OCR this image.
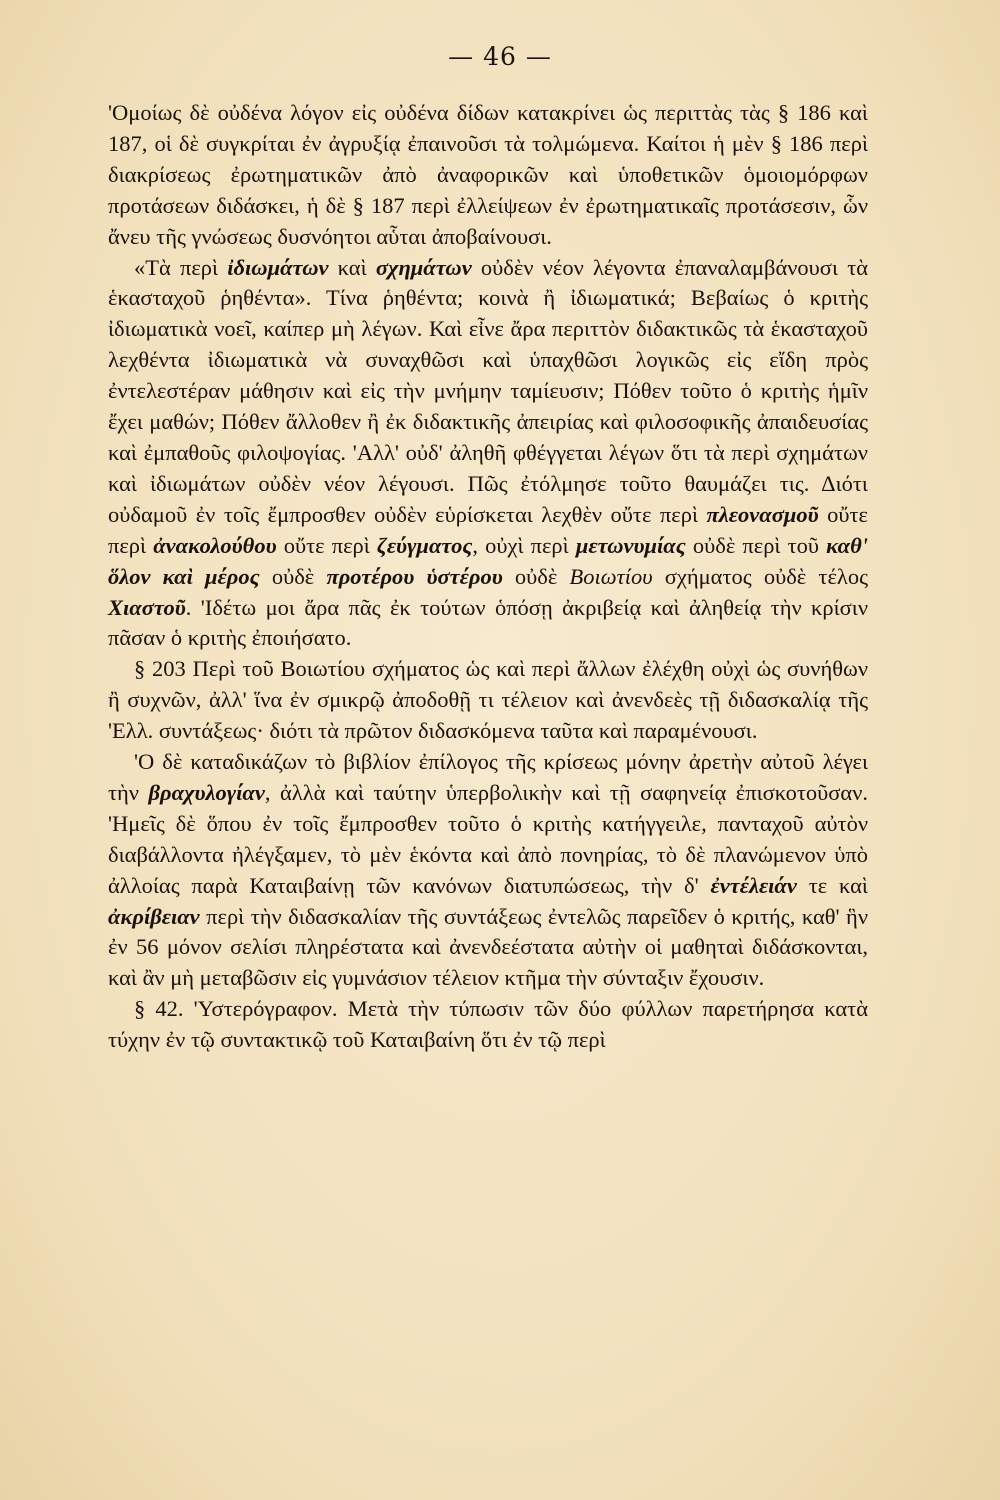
— 46 —

'Ομοίως δὲ οὐδένα λόγον εἰς οὐδένα δίδων κατακρίνει ὡς περιττὰς τὰς § 186 καὶ 187, οἱ δὲ συγκρίται ἐν ἀγρυξίᾳ ἐπαινοῦσι τὰ τολμώμενα. Καίτοι ἡ μὲν § 186 περὶ διακρίσεως ἐρωτηματικῶν ἀπὸ ἀναφορικῶν καὶ ὑποθετικῶν ὁμοιομόρφων προτάσεων διδάσκει, ἡ δὲ § 187 περὶ ἐλλείψεων ἐν ἐρωτηματικαῖς προτάσεσιν, ὧν ἄνευ τῆς γνώσεως δυσνόητοι αὗται ἀποβαίνουσι.

«Τὰ περὶ ἰδιωμάτων καὶ σχημάτων οὐδὲν νέον λέγοντα ἐπαναλαμβάνουσι τὰ ἑκασταχοῦ ῥηθέντα». Τίνα ῥηθέντα; κοινὰ ἢ ἰδιωματικά; Βεβαίως ὁ κριτὴς ἰδιωματικὰ νοεῖ, καίπερ μὴ λέγων. Καὶ εἶνε ἄρα περιττὸν διδακτικῶς τὰ ἑκασταχοῦ λεχθέντα ἰδιωματικὰ νὰ συναχθῶσι καὶ ὑπαχθῶσι λογικῶς εἰς εἴδη πρὸς ἐντελεστέραν μάθησιν καὶ εἰς τὴν μνήμην ταμίευσιν; Πόθεν τοῦτο ὁ κριτὴς ἡμῖν ἔχει μαθών; Πόθεν ἄλλοθεν ἢ ἐκ διδακτικῆς ἀπειρίας καὶ φιλοσοφικῆς ἀπαιδευσίας καὶ ἐμπαθοῦς φιλοψογίας. 'Αλλ' οὐδ' ἀληθῆ φθέγγεται λέγων ὅτι τὰ περὶ σχημάτων καὶ ἰδιωμάτων οὐδὲν νέον λέγουσι. Πῶς ἐτόλμησε τοῦτο θαυμάζει τις. Διότι οὐδαμοῦ ἐν τοῖς ἔμπροσθεν οὐδὲν εὑρίσκεται λεχθὲν οὔτε περὶ πλεονασμοῦ οὔτε περὶ ἀνακολούθου οὔτε περὶ ζεύγματος, οὐχὶ περὶ μετωνυμίας οὐδὲ περὶ τοῦ καθ' ὅλον καὶ μέρος οὐδὲ προτέρου ὑστέρου οὐδὲ Βοιωτίου σχήματος οὐδὲ τέλος Χιαστοῦ. 'Ιδέτω μοι ἄρα πᾶς ἐκ τούτων ὁπόσῃ ἀκριβείᾳ καὶ ἀληθείᾳ τὴν κρίσιν πᾶσαν ὁ κριτὴς ἐποιήσατο.

§ 203 Περὶ τοῦ Βοιωτίου σχήματος ὡς καὶ περὶ ἄλλων ἐλέχθη οὐχὶ ὡς συνήθων ἢ συχνῶν, ἀλλ' ἵνα ἐν σμικρῷ ἀποδοθῇ τι τέλειον καὶ ἀνενδεὲς τῇ διδασκαλίᾳ τῆς 'Ελλ. συντάξεως· διότι τὰ πρῶτον διδασκόμενα ταῦτα καὶ παραμένουσι.

'Ο δὲ καταδικάζων τὸ βιβλίον ἐπίλογος τῆς κρίσεως μόνην ἀρετὴν αὐτοῦ λέγει τὴν βραχυλογίαν, ἀλλὰ καὶ ταύτην ὑπερβολικὴν καὶ τῇ σαφηνείᾳ ἐπισκοτοῦσαν. 'Ημεῖς δὲ ὅπου ἐν τοῖς ἔμπροσθεν τοῦτο ὁ κριτὴς κατήγγειλε, πανταχοῦ αὐτὸν διαβάλλοντα ἠλέγξαμεν, τὸ μὲν ἑκόντα καὶ ἀπὸ πονηρίας, τὸ δὲ πλανώμενον ὑπὸ ἀλλοίας παρὰ Καταιβαίνῃ τῶν κανόνων διατυπώσεως, τὴν δ' ἐντέλειάν τε καὶ ἀκρίβειαν περὶ τὴν διδασκαλίαν τῆς συντάξεως ἐντελῶς παρεῖδεν ὁ κριτής, καθ' ἣν ἐν 56 μόνον σελίσι πληρέστατα καὶ ἀνενδεέστατα αὐτὴν οἱ μαθηταὶ διδάσκονται, καὶ ἂν μὴ μεταβῶσιν εἰς γυμνάσιον τέλειον κτῆμα τὴν σύνταξιν ἔχουσιν.

§ 42. 'Υστερόγραφον. Μετὰ τὴν τύπωσιν τῶν δύο φύλλων παρετήρησα κατὰ τύχην ἐν τῷ συντακτικῷ τοῦ Καταιβαίνη ὅτι ἐν τῷ περὶ
